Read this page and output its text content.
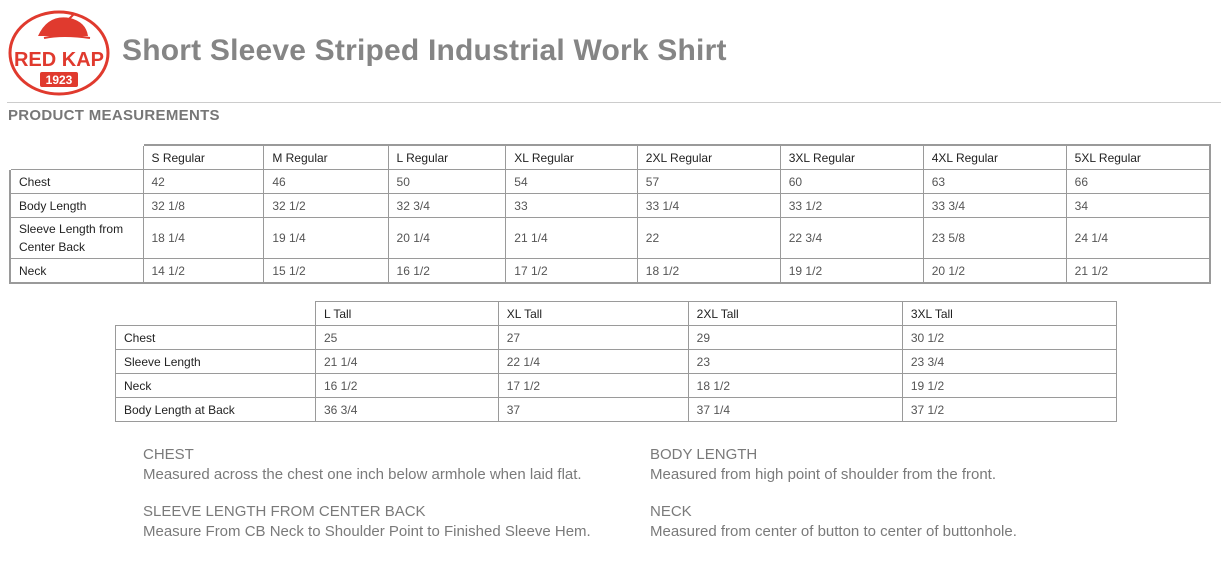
RED KAP
1923
Short Sleeve Striped Industrial Work Shirt
PRODUCT MEASUREMENTS
	S Regular	M Regular	L Regular	XL Regular	2XL Regular	3XL Regular	4XL Regular	5XL Regular
Chest	42	46	50	54	57	60	63	66
Body Length	32 1/8	32 1/2	32 3/4	33	33 1/4	33 1/2	33 3/4	34
Sleeve Length from Center Back	18 1/4	19 1/4	20 1/4	21 1/4	22	22 3/4	23 5/8	24 1/4
Neck	14 1/2	15 1/2	16 1/2	17 1/2	18 1/2	19 1/2	20 1/2	21 1/2
	L Tall	XL Tall	2XL Tall	3XL Tall
Chest	25	27	29	30 1/2
Sleeve Length	21 1/4	22 1/4	23	23 3/4
Neck	16 1/2	17 1/2	18 1/2	19 1/2
Body Length at Back	36 3/4	37	37 1/4	37 1/2

CHEST

Measured across the chest one inch below armhole when laid flat.

BODY LENGTH

Measured from high point of shoulder from the front.

SLEEVE LENGTH FROM CENTER BACK

Measure From CB Neck to Shoulder Point to Finished Sleeve Hem.

NECK

Measured from center of button to center of buttonhole.
